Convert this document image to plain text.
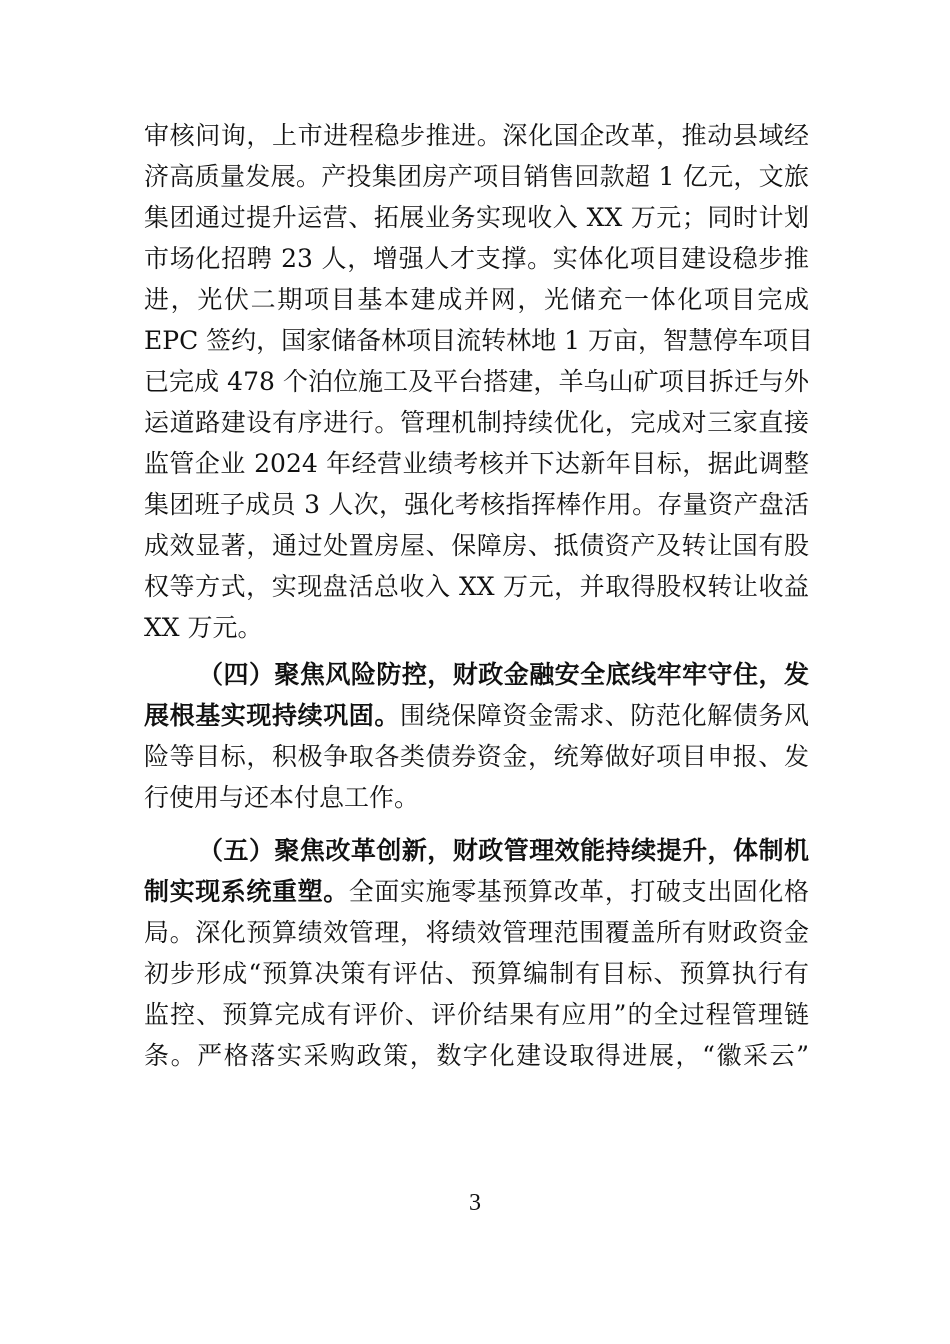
审核问询，上市进程稳步推进。深化国企改革，推动县域经
济高质量发展。产投集团房产项目销售回款超 1 亿元，文旅
集团通过提升运营、拓展业务实现收入 XX 万元；同时计划
市场化招聘 23 人，增强人才支撑。实体化项目建设稳步推
进，光伏二期项目基本建成并网，光储充一体化项目完成
EPC 签约，国家储备林项目流转林地 1 万亩，智慧停车项目
已完成 478 个泊位施工及平台搭建，羊乌山矿项目拆迁与外
运道路建设有序进行。管理机制持续优化，完成对三家直接
监管企业 2024 年经营业绩考核并下达新年目标，据此调整
集团班子成员 3 人次，强化考核指挥棒作用。存量资产盘活
成效显著，通过处置房屋、保障房、抵债资产及转让国有股
权等方式，实现盘活总收入 XX 万元，并取得股权转让收益
XX 万元。
（四）聚焦风险防控，财政金融安全底线牢牢守住，发
展根基实现持续巩固。围绕保障资金需求、防范化解债务风
险等目标，积极争取各类债券资金，统筹做好项目申报、发
行使用与还本付息工作。
（五）聚焦改革创新，财政管理效能持续提升，体制机
制实现系统重塑。全面实施零基预算改革，打破支出固化格
局。深化预算绩效管理，将绩效管理范围覆盖所有财政资金
初步形成“预算决策有评估、预算编制有目标、预算执行有
监控、预算完成有评价、评价结果有应用”的全过程管理链
条。严格落实采购政策，数字化建设取得进展，“徽采云”
3
